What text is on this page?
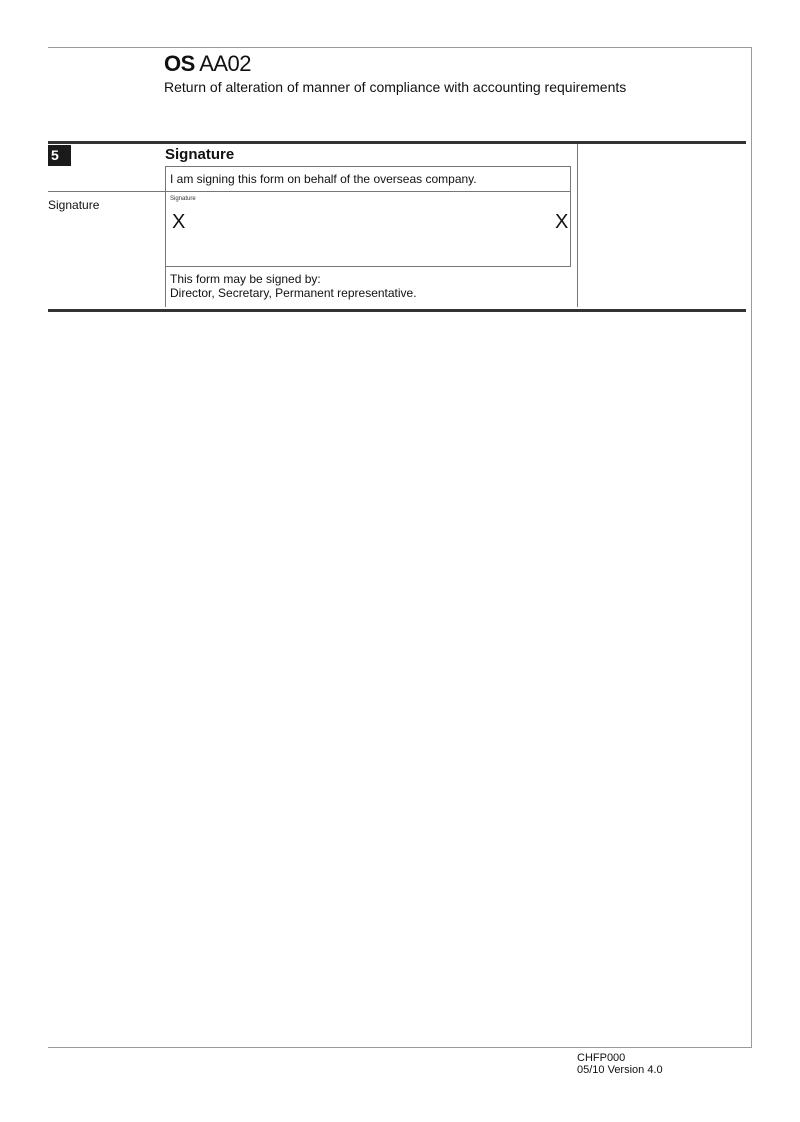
OS AA02
Return of alteration of manner of compliance with accounting requirements
5	Signature
I am signing this form on behalf of the overseas company.
Signature	Signature
X	X
This form may be signed by:
Director, Secretary, Permanent representative.
CHFP000
05/10 Version 4.0
